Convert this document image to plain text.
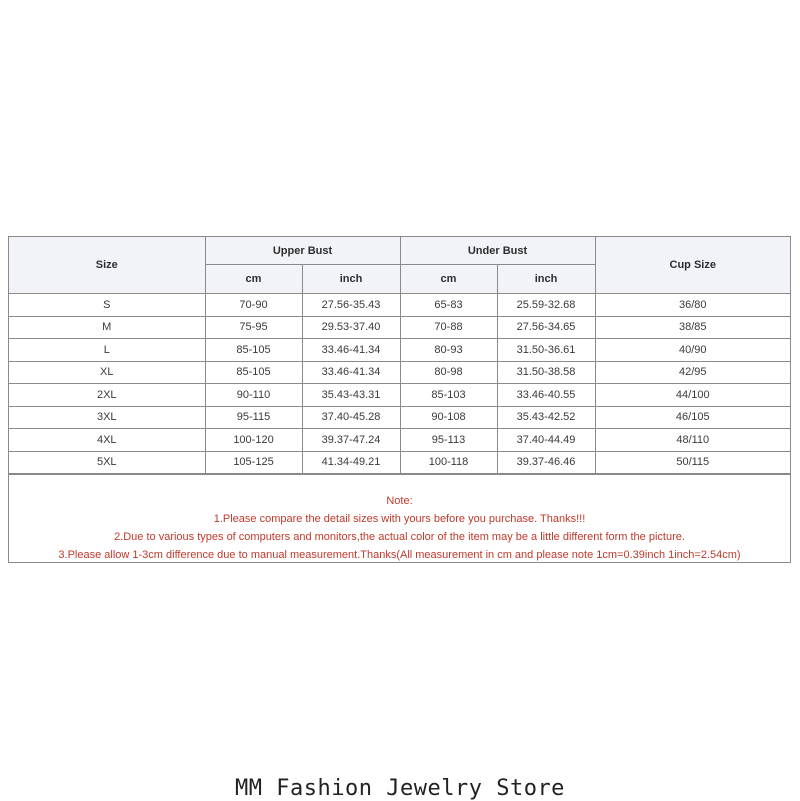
Size	Upper Bust		Under Bust		Cup Size
	cm	inch	cm	inch	
S	70-90	27.56-35.43	65-83	25.59-32.68	36/80
M	75-95	29.53-37.40	70-88	27.56-34.65	38/85
L	85-105	33.46-41.34	80-93	31.50-36.61	40/90
XL	85-105	33.46-41.34	80-98	31.50-38.58	42/95
2XL	90-110	35.43-43.31	85-103	33.46-40.55	44/100
3XL	95-115	37.40-45.28	90-108	35.43-42.52	46/105
4XL	100-120	39.37-47.24	95-113	37.40-44.49	48/110
5XL	105-125	41.34-49.21	100-118	39.37-46.46	50/115
Note:
1.Please compare the detail sizes with yours before you purchase. Thanks!!!
2.Due to various types of computers and monitors,the actual color of the item may be a little different form the picture.
3.Please allow 1-3cm difference due to manual measurement.Thanks(All measurement in cm and please note 1cm=0.39inch 1inch=2.54cm)
MM Fashion Jewelry Store
